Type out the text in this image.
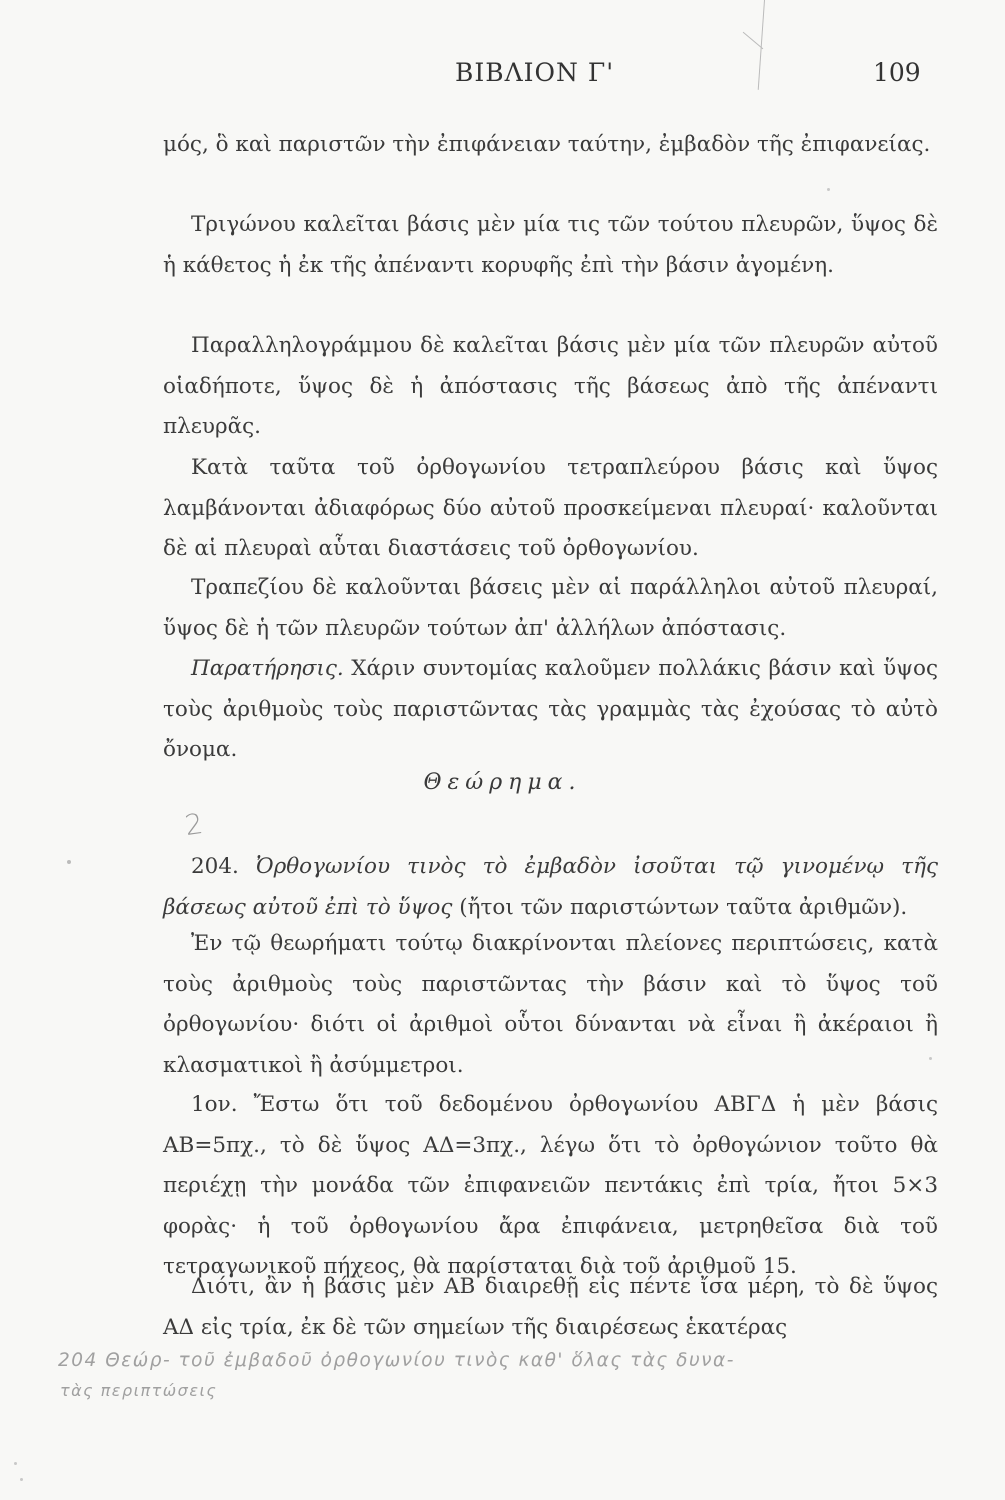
ΒΙΒΛΙΟΝ Γ'	109

μός, ὃ καὶ παριστῶν τὴν ἐπιφάνειαν ταύτην, ἐμβαδὸν τῆς ἐπιφανείας.

Τριγώνου καλεῖται βάσις μὲν μία τις τῶν τούτου πλευρῶν, ὕψος δὲ ἡ κάθετος ἡ ἐκ τῆς ἀπέναντι κορυφῆς ἐπὶ τὴν βάσιν ἀγομένη.

Παραλληλογράμμου δὲ καλεῖται βάσις μὲν μία τῶν πλευρῶν αὐτοῦ οἱαδήποτε, ὕψος δὲ ἡ ἀπόστασις τῆς βάσεως ἀπὸ τῆς ἀπέναντι πλευρᾶς.

Κατὰ ταῦτα τοῦ ὀρθογωνίου τετραπλεύρου βάσις καὶ ὕψος λαμβάνονται ἀδιαφόρως δύο αὐτοῦ προσκείμεναι πλευραί· καλοῦνται δὲ αἱ πλευραὶ αὗται διαστάσεις τοῦ ὀρθογωνίου.

Τραπεζίου δὲ καλοῦνται βάσεις μὲν αἱ παράλληλοι αὐτοῦ πλευραί, ὕψος δὲ ἡ τῶν πλευρῶν τούτων ἀπ' ἀλλήλων ἀπόστασις.

Παρατήρησις. Χάριν συντομίας καλοῦμεν πολλάκις βάσιν καὶ ὕψος τοὺς ἀριθμοὺς τοὺς παριστῶντας τὰς γραμμὰς τὰς ἐχούσας τὸ αὐτὸ ὄνομα.

Θεώρημα.
2

204. Ὀρθογωνίου τινὸς τὸ ἐμβαδὸν ἰσοῦται τῷ γινομένῳ τῆς βάσεως αὐτοῦ ἐπὶ τὸ ὕψος (ἤτοι τῶν παριστώντων ταῦτα ἀριθμῶν).

Ἐν τῷ θεωρήματι τούτῳ διακρίνονται πλείονες περιπτώσεις, κατὰ τοὺς ἀριθμοὺς τοὺς παριστῶντας τὴν βάσιν καὶ τὸ ὕψος τοῦ ὀρθογωνίου· διότι οἱ ἀριθμοὶ οὗτοι δύνανται νὰ εἶναι ἢ ἀκέραιοι ἢ κλασματικοὶ ἢ ἀσύμμετροι.

1ον. Ἔστω ὅτι τοῦ δεδομένου ὀρθογωνίου ΑΒΓΔ ἡ μὲν βάσις ΑΒ=5πχ., τὸ δὲ ὕψος ΑΔ=3πχ., λέγω ὅτι τὸ ὀρθογώνιον τοῦτο θὰ περιέχῃ τὴν μονάδα τῶν ἐπιφανειῶν πεντάκις ἐπὶ τρία, ἤτοι 5×3 φορὰς· ἡ τοῦ ὀρθογωνίου ἄρα ἐπιφάνεια, μετρηθεῖσα διὰ τοῦ τετραγωνικοῦ πήχεος, θὰ παρίσταται διὰ τοῦ ἀριθμοῦ 15.

Διότι, ἂν ἡ βάσις μὲν ΑΒ διαιρεθῇ εἰς πέντε ἴσα μέρη, τὸ δὲ ὕψος ΑΔ εἰς τρία, ἐκ δὲ τῶν σημείων τῆς διαιρέσεως ἑκατέρας

204 Θεώρ- τοῦ ἐμβαδοῦ ὀρθογωνίου τινὸς καθ' ὅλας τὰς δυνα-
τὰς περιπτώσεις
